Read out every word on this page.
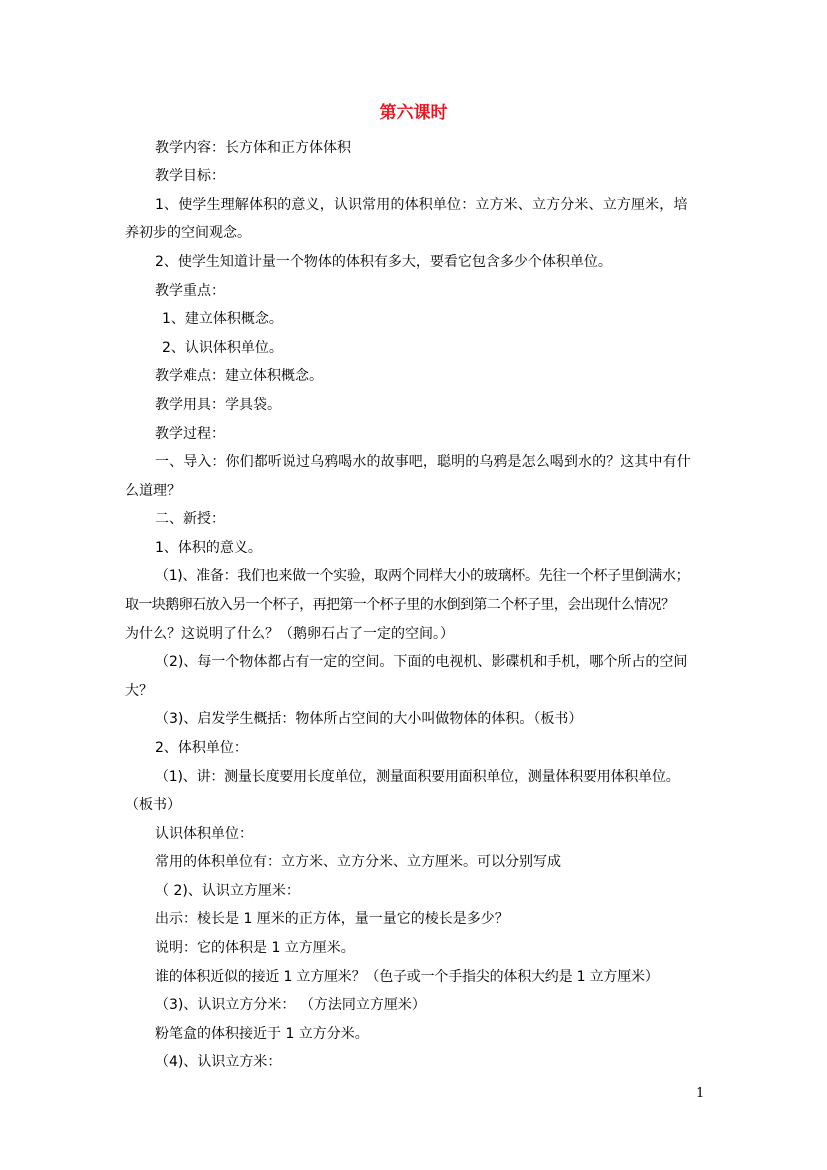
第六课时
教学内容：长方体和正方体体积
教学目标：
1、使学生理解体积的意义，认识常用的体积单位：立方米、立方分米、立方厘米，培
养初步的空间观念。
2、使学生知道计量一个物体的体积有多大，要看它包含多少个体积单位。
教学重点：
1、建立体积概念。
2、认识体积单位。
教学难点：建立体积概念。
教学用具：学具袋。
教学过程：
一、导入：你们都听说过乌鸦喝水的故事吧，聪明的乌鸦是怎么喝到水的？这其中有什
么道理？
二、新授：
1、体积的意义。
（1)、准备：我们也来做一个实验，取两个同样大小的玻璃杯。先往一个杯子里倒满水；
取一块鹅卵石放入另一个杯子，再把第一个杯子里的水倒到第二个杯子里，会出现什么情况？
为什么？这说明了什么？（鹅卵石占了一定的空间。）
（2)、每一个物体都占有一定的空间。下面的电视机、影碟机和手机，哪个所占的空间
大？
（3)、启发学生概括：物体所占空间的大小叫做物体的体积。（板书）
2、体积单位：
（1)、讲：测量长度要用长度单位，测量面积要用面积单位，测量体积要用体积单位。
（板书）
认识体积单位：
常用的体积单位有：立方米、立方分米、立方厘米。可以分别写成
（ 2)、认识立方厘米：
出示：棱长是 1 厘米的正方体，量一量它的棱长是多少？
说明：它的体积是 1 立方厘米。
谁的体积近似的接近 1 立方厘米？（色子或一个手指尖的体积大约是 1 立方厘米）
（3)、认识立方分米： （方法同立方厘米）
粉笔盒的体积接近于 1 立方分米。
（4)、认识立方米：
1
